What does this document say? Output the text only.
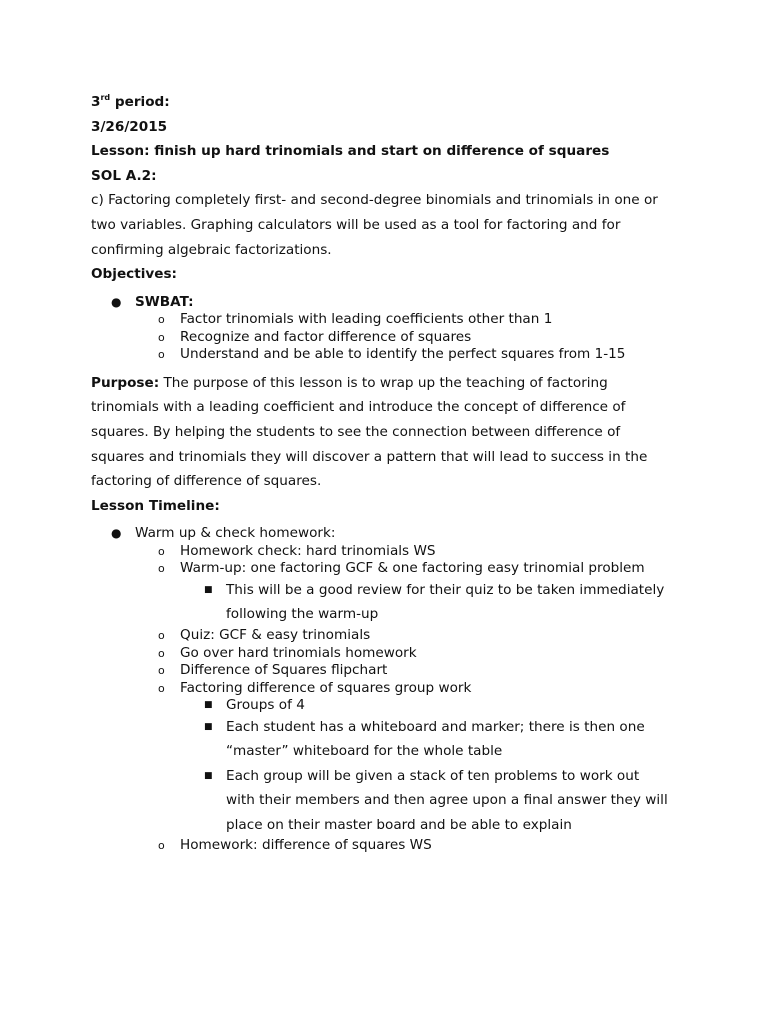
3rd period:
3/26/2015
Lesson: finish up hard trinomials and start on difference of squares
SOL A.2:
c) Factoring completely first- and second-degree binomials and trinomials in one or
two variables. Graphing calculators will be used as a tool for factoring and for
confirming algebraic factorizations.
Objectives:
● SWBAT:
o Factor trinomials with leading coefficients other than 1
o Recognize and factor difference of squares
o Understand and be able to identify the perfect squares from 1-15
Purpose: The purpose of this lesson is to wrap up the teaching of factoring
trinomials with a leading coefficient and introduce the concept of difference of
squares. By helping the students to see the connection between difference of
squares and trinomials they will discover a pattern that will lead to success in the
factoring of difference of squares.
Lesson Timeline:
● Warm up & check homework:
o Homework check: hard trinomials WS
o Warm-up: one factoring GCF & one factoring easy trinomial problem
■ This will be a good review for their quiz to be taken immediately
following the warm-up
o Quiz: GCF & easy trinomials
o Go over hard trinomials homework
o Difference of Squares flipchart
o Factoring difference of squares group work
■ Groups of 4
■ Each student has a whiteboard and marker; there is then one
“master” whiteboard for the whole table
■ Each group will be given a stack of ten problems to work out
with their members and then agree upon a final answer they will
place on their master board and be able to explain
o Homework: difference of squares WS
